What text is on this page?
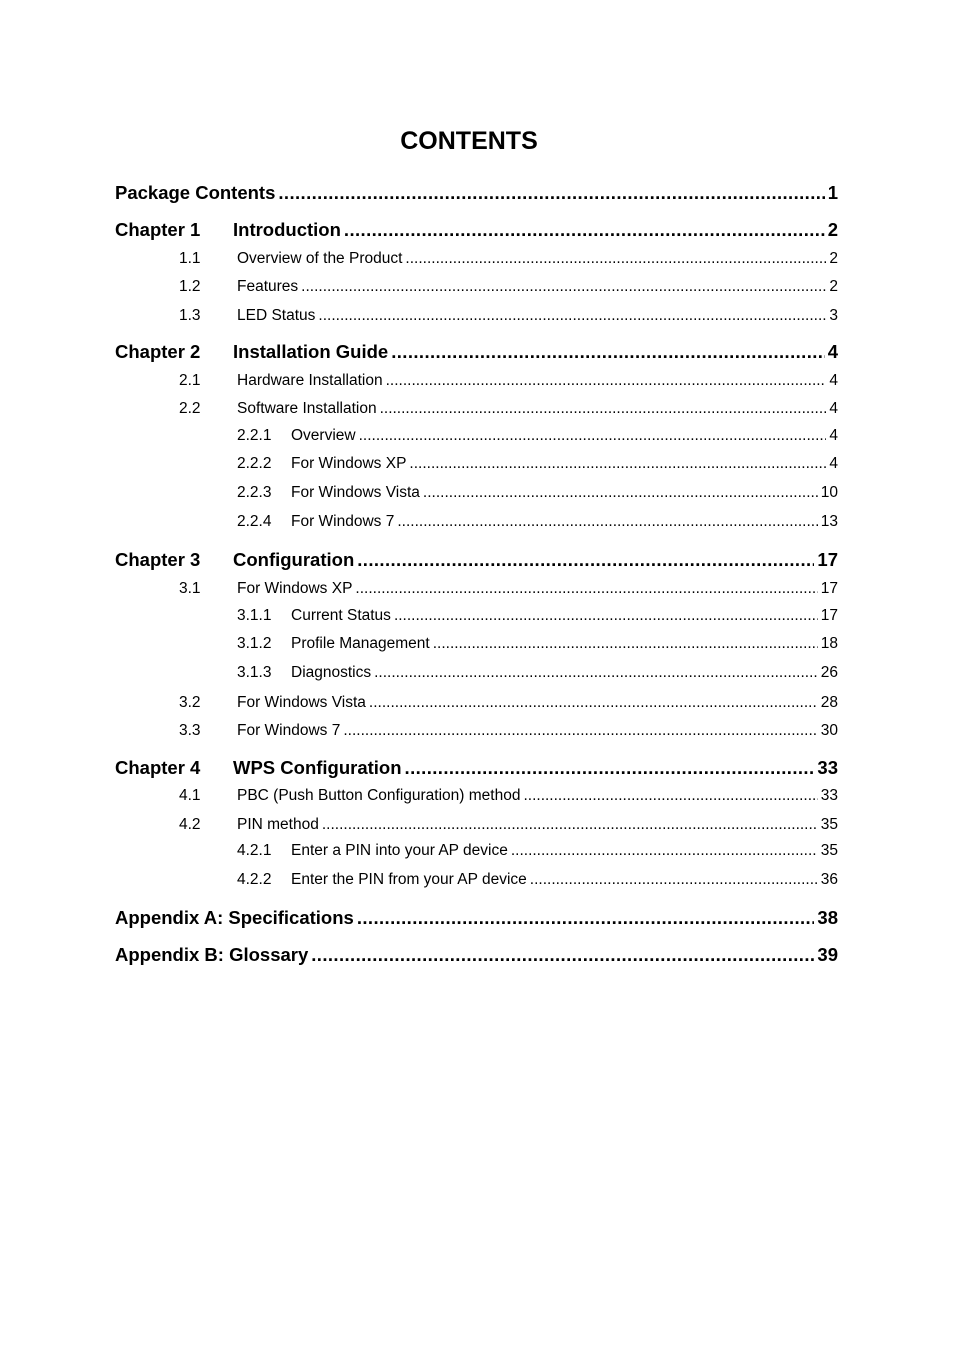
CONTENTS
Package Contents .....	1
Chapter 1	Introduction .....	2
1.1	Overview of the Product .....	2
1.2	Features .....	2
1.3	LED Status .....	3
Chapter 2	Installation Guide .....	4
2.1	Hardware Installation .....	4
2.2	Software Installation .....	4
2.2.1	Overview .....	4
2.2.2	For Windows XP .....	4
2.2.3	For Windows Vista .....	10
2.2.4	For Windows 7 .....	13
Chapter 3	Configuration .....	17
3.1	For Windows XP .....	17
3.1.1	Current Status .....	17
3.1.2	Profile Management .....	18
3.1.3	Diagnostics .....	26
3.2	For Windows Vista .....	28
3.3	For Windows 7 .....	30
Chapter 4	WPS Configuration .....	33
4.1	PBC (Push Button Configuration) method .....	33
4.2	PIN method .....	35
4.2.1	Enter a PIN into your AP device .....	35
4.2.2	Enter the PIN from your AP device .....	36
Appendix A: Specifications .....	38
Appendix B: Glossary .....	39
